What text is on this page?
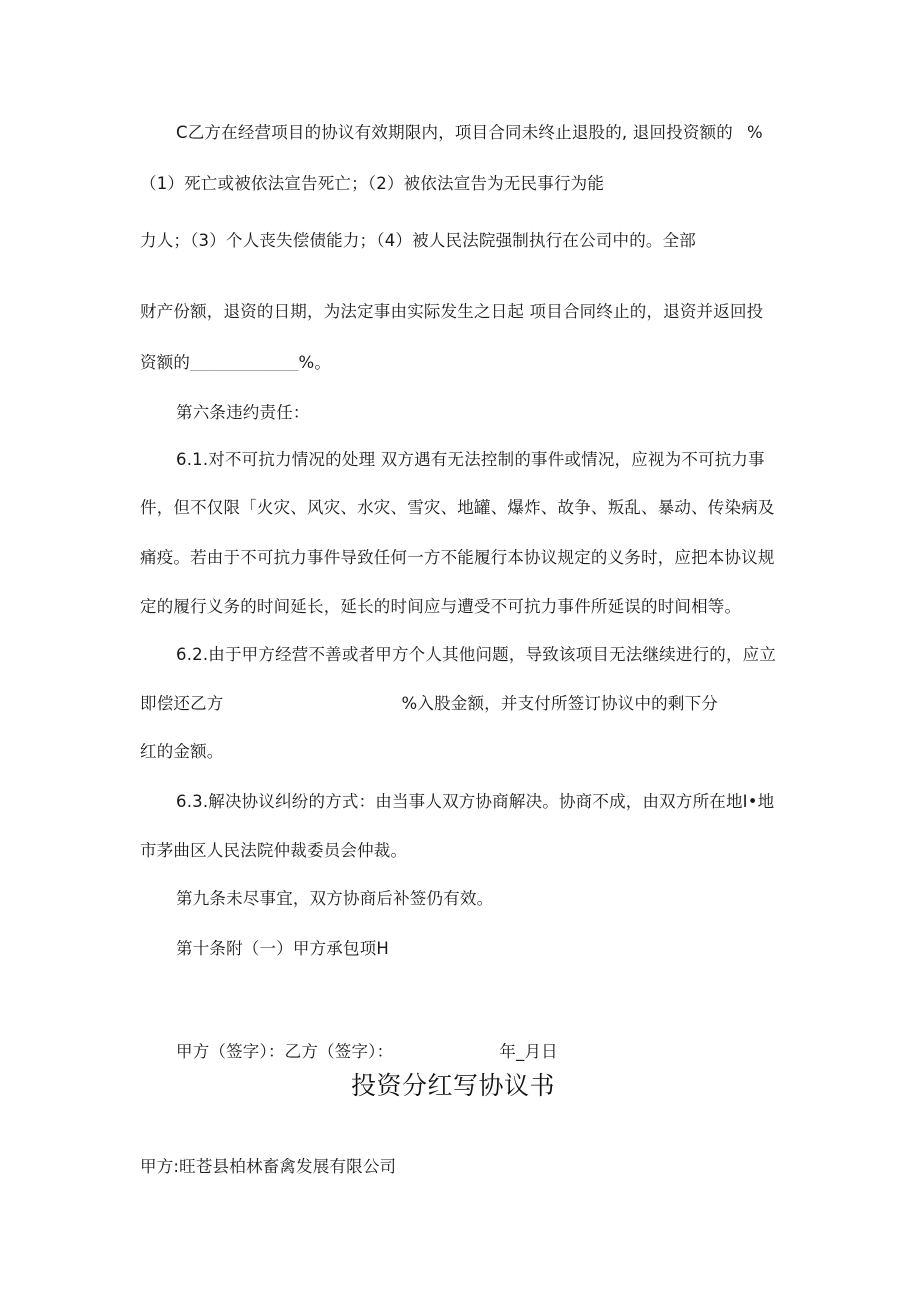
C乙方在经营项目的协议有效期限内，项目合同未终止退股的, 退回投资额的 %
（1）死亡或被依法宣告死亡；（2）被依法宣告为无民事行为能
力人；（3）个人丧失偿债能力；（4）被人民法院强制执行在公司中的。全部
财产份额，退资的日期，为法定事由实际发生之日起 项目合同终止的，退资并返回投
资额的__________________%。
第六条违约责任：
6.1.对不可抗力情况的处理 双方遇有无法控制的事件或情况，应视为不可抗力事
件，但不仅限「火灾、风灾、水灾、雪灾、地罐、爆炸、故争、叛乱、暴动、传染病及
痛疫。若由于不可抗力事件导致任何一方不能履行本协议规定的义务时，应把本协议规
定的履行义务的时间延长，延长的时间应与遭受不可抗力事件所延误的时间相等。
6.2.由于甲方经营不善或者甲方个人其他问题，导致该项目无法继续进行的，应立
即偿还乙方	%入股金额，并支付所签订协议中的剩下分
红的金额。
6.3.解决协议纠纷的方式：由当事人双方协商解决。协商不成，由双方所在地I•地
市茅曲区人民法院仲裁委员会仲裁。
第九条未尽事宜，双方协商后补签仍有效。
第十条附（一）甲方承包项H
甲方（签字）：乙方（签字）：	年_月日
投资分红写协议书
甲方:旺苍县柏林畜禽发展有限公司
